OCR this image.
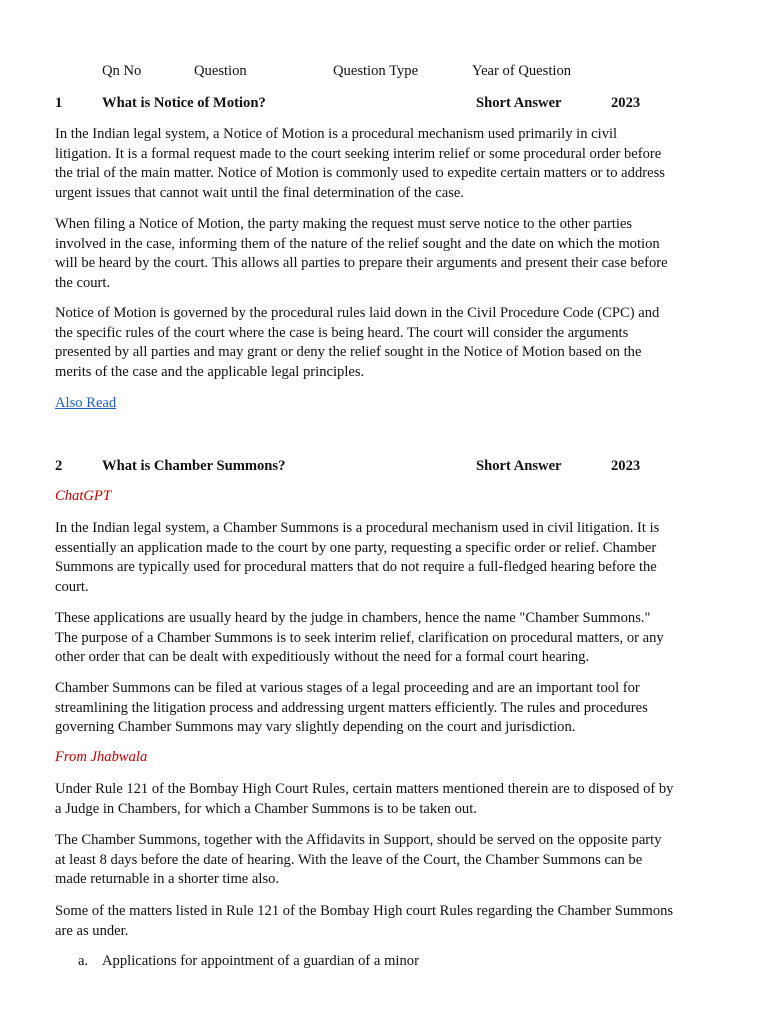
Qn No	Question	Question Type	Year of Question
1	What is Notice of Motion?	Short Answer	2023
In the Indian legal system, a Notice of Motion is a procedural mechanism used primarily in civil
litigation. It is a formal request made to the court seeking interim relief or some procedural order before
the trial of the main matter. Notice of Motion is commonly used to expedite certain matters or to address
urgent issues that cannot wait until the final determination of the case.
When filing a Notice of Motion, the party making the request must serve notice to the other parties
involved in the case, informing them of the nature of the relief sought and the date on which the motion
will be heard by the court. This allows all parties to prepare their arguments and present their case before
the court.
Notice of Motion is governed by the procedural rules laid down in the Civil Procedure Code (CPC) and
the specific rules of the court where the case is being heard. The court will consider the arguments
presented by all parties and may grant or deny the relief sought in the Notice of Motion based on the
merits of the case and the applicable legal principles.
Also Read
2	What is Chamber Summons?	Short Answer	2023
ChatGPT
In the Indian legal system, a Chamber Summons is a procedural mechanism used in civil litigation. It is
essentially an application made to the court by one party, requesting a specific order or relief. Chamber
Summons are typically used for procedural matters that do not require a full-fledged hearing before the
court.
These applications are usually heard by the judge in chambers, hence the name "Chamber Summons."
The purpose of a Chamber Summons is to seek interim relief, clarification on procedural matters, or any
other order that can be dealt with expeditiously without the need for a formal court hearing.
Chamber Summons can be filed at various stages of a legal proceeding and are an important tool for
streamlining the litigation process and addressing urgent matters efficiently. The rules and procedures
governing Chamber Summons may vary slightly depending on the court and jurisdiction.
From Jhabwala
Under Rule 121 of the Bombay High Court Rules, certain matters mentioned therein are to disposed of by
a Judge in Chambers, for which a Chamber Summons is to be taken out.
The Chamber Summons, together with the Affidavits in Support, should be served on the opposite party
at least 8 days before the date of hearing. With the leave of the Court, the Chamber Summons can be
made returnable in a shorter time also.
Some of the matters listed in Rule 121 of the Bombay High court Rules regarding the Chamber Summons
are as under.
a. Applications for appointment of a guardian of a minor
